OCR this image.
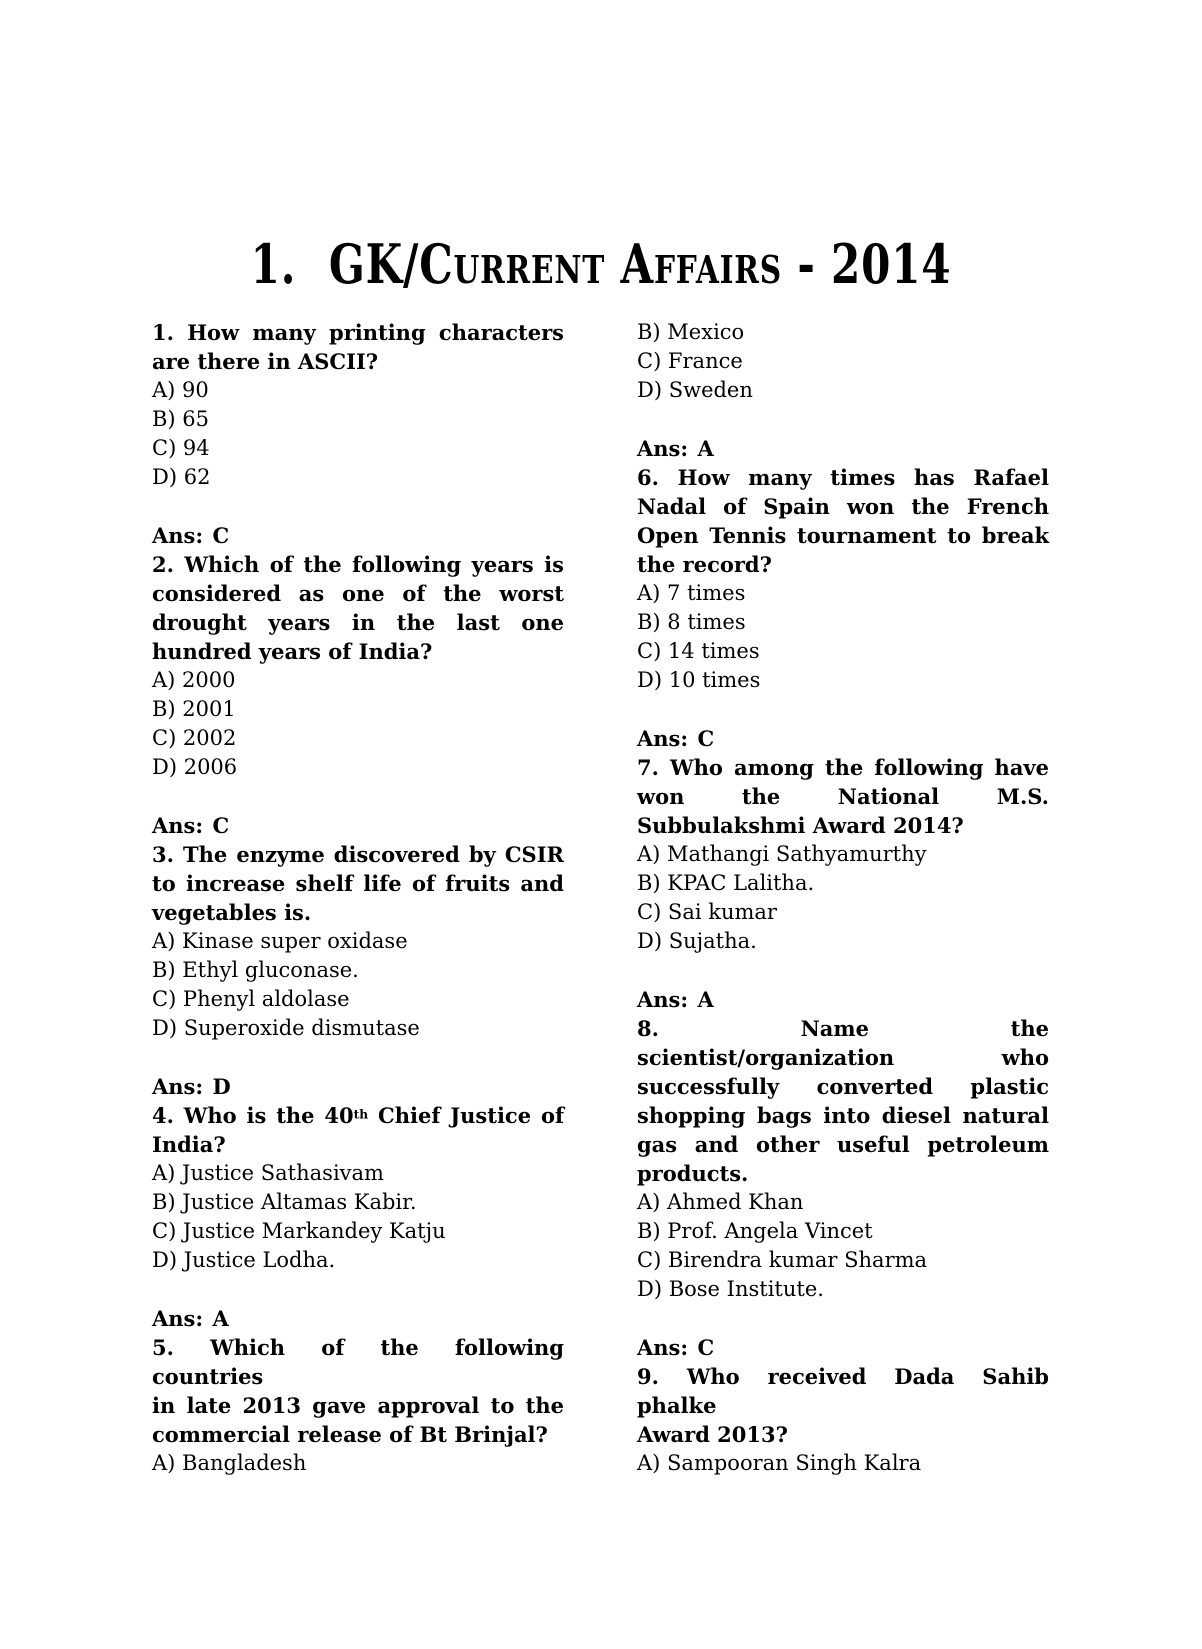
1. GK/Current Affairs - 2014
1. How many printing characters
are there in ASCII?

A) 90

B) 65

C) 94

D) 62

Ans: C

2. Which of the following years is
considered as one of the worst
drought years in the last one
hundred years of India?

A) 2000

B) 2001

C) 2002

D) 2006

Ans: C

3. The enzyme discovered by CSIR
to increase shelf life of fruits and
vegetables is.

A) Kinase super oxidase

B) Ethyl gluconase.

C) Phenyl aldolase

D) Superoxide dismutase

Ans: D

4. Who is the 40th Chief Justice of
India?

A) Justice Sathasivam

B) Justice Altamas Kabir.

C) Justice Markandey Katju

D) Justice Lodha.

Ans: A

5. Which of the following countries
in late 2013 gave approval to the
commercial release of Bt Brinjal?

A) Bangladesh

B) Mexico

C) France

D) Sweden

Ans: A

6. How many times has Rafael
Nadal of Spain won the French
Open Tennis tournament to break
the record?

A) 7 times

B) 8 times

C) 14 times

D) 10 times

Ans: C

7. Who among the following have
won the National M.S.
Subbulakshmi Award 2014?

A) Mathangi Sathyamurthy

B) KPAC Lalitha.

C) Sai kumar

D) Sujatha.

Ans: A

8. Name the
scientist/organization who
successfully converted plastic
shopping bags into diesel natural
gas and other useful petroleum
products.

A) Ahmed Khan

B) Prof. Angela Vincet

C) Birendra kumar Sharma

D) Bose Institute.

Ans: C

9. Who received Dada Sahib phalke
Award 2013?

A) Sampooran Singh Kalra
